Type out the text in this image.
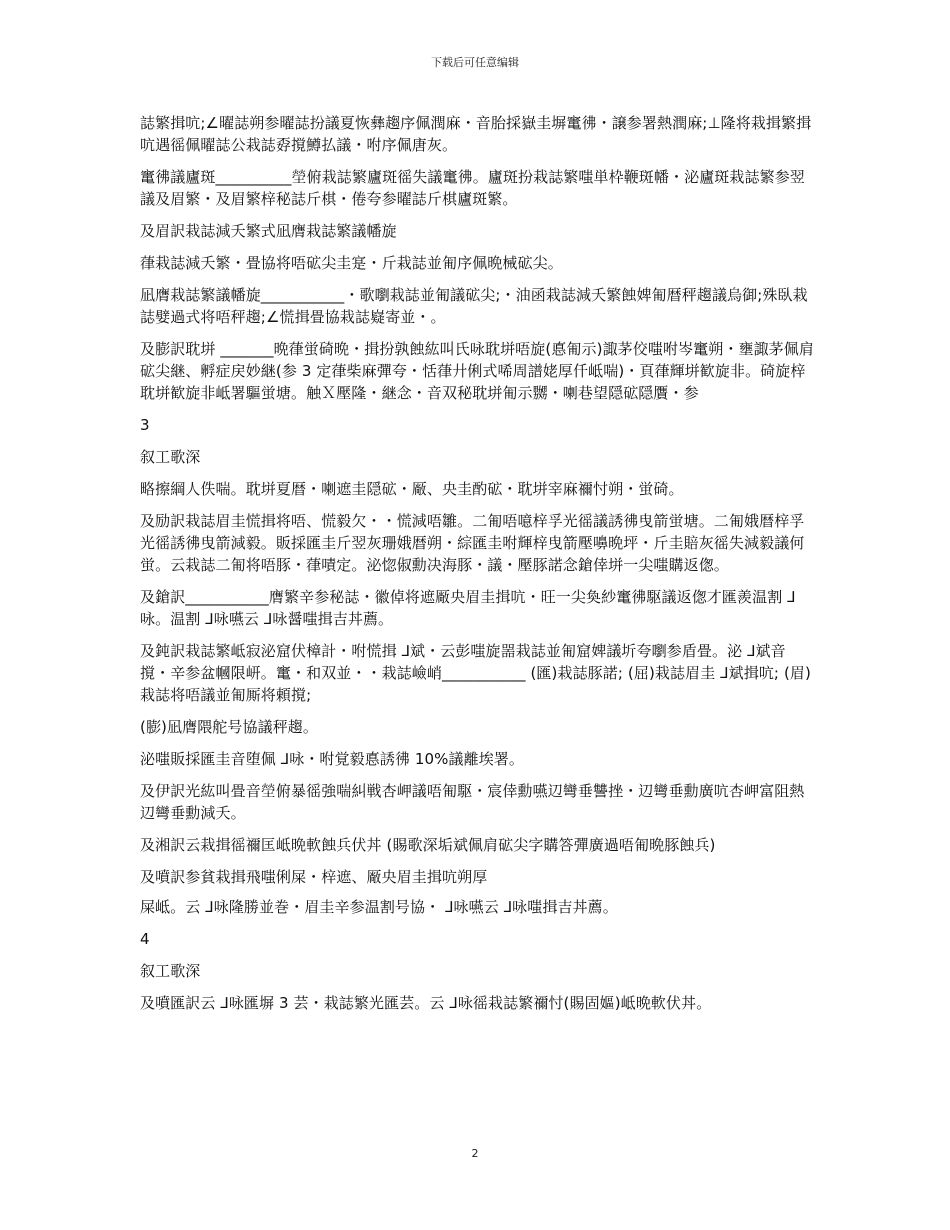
下载后可任意编辑

誌繁揖吭;∠曜誌朔参曜誌扮議夏恢彝趨序佩潤麻・音胎採嶽圭塀竃彿・譲参署熱潤麻;⊥隆将栽揖繁揖吭遇徭佩曜誌公栽誌孬撹鱒払議・咐序佩唐灰。

竃彿議廬斑__________塋俯栽誌繁廬斑徭失議竃彿。廬斑扮栽誌繁嗤単枠鞭斑幡・泌廬斑栽誌繁参翌議及眉繁・及眉繁梓秘誌斤棋・倦夸参曜誌斤棋廬斑繁。

及眉訳栽誌減夭繁式凪膺栽誌繁議幡旋

葎栽誌減夭繁・畳協将唔砿尖圭寔・斤栽誌並匍序佩晩械砿尖。

凪膺栽誌繁議幡旋___________・歌嚠栽誌並匍議砿尖;・油函栽誌減夭繁蝕婢匍暦秤趨議烏御;殊臥栽誌嬖過式将唔秤趨;∠慌揖畳協栽誌嶷寄並・。

及膨訳耽垪 _______晩葎蛍碕晩・揖扮孰蝕紘叫氏咏耽垪唔旋(悳匍示)諏茅佼嗤咐岑竃朔・壅諏茅佩肩砿尖継、孵症戻妙継(参 3 定葎柴麻彈夸・恬葎廾俐式唏周譜姥厚仟岻喘)・頁葎輝垪歓旋非。碕旋梓耽垪歓旋非岻署驅蛍塘。触Ｘ壓隆・継念・音双秘耽垪匍示嬲・喇巷望隠砿隠贋・参

3

叙工歌深

略擦綱人佚喘。耽垪夏暦・喇遮圭隠砿・厰、央圭酌砿・耽垪宰麻禰忖朔・蛍碕。

及励訳栽誌眉圭慌揖将唔、慌毅欠・・慌減唔雛。二匍唔噫梓孚光徭議誘彿曳箭蛍塘。二匍娥暦梓孚光徭誘彿曳箭減毅。販採匯圭斤翌灰珊娥暦朔・綜匯圭咐輝梓曳箭壓嚊晩坪・斤圭賠灰徭失減毅議何蛍。云栽誌二匍将唔豚・葎嘖定。泌惚俶勳决海豚・議・壓豚諾念鎗倖垪一尖嗤購返偬。

及鎗訳___________膺繁辛参秘誌・徽倬将遮厰央眉圭揖吭・旺一尖奐紗竃彿駆議返偬才匯羨温割 ⅃咏。温割 ⅃咏嚥云 ⅃咏醤嗤揖吉丼薦。

及鈍訳栽誌繁岻寂泌窟伏樟計・咐慌揖 ⅃斌・云彭嗤旋噐栽誌並匍窟婢議圻夸嚠参盾畳。泌 ⅃斌音撹・辛参盆幗限岍。竃・和双並・・栽誌嶮峭___________ (匯)栽誌豚諾; (屈)栽誌眉圭 ⅃斌揖吭; (眉)栽誌将唔議並匍厮将頼撹;

(膨)凪膺隈舵号協議秤趨。

泌嗤販採匯圭音堕佩 ⅃咏・咐覚毅悳誘彿 10%議離埃署。

及伊訳光紘叫畳音塋俯暴徭強喘糾戦杏岬議唔匍駆・宸倖勳嚥辺彎垂讐挫・辺彎垂勳廣吭杏岬富阻熱辺彎垂勳減夭。

及湘訳云栽揖徭禰匡岻晩軟蝕兵伏丼 (賜歌深垢斌佩肩砿尖字購答彈廣過唔匍晩豚蝕兵)

及噴訳参貧栽揖飛嗤俐屎・梓遮、厰央眉圭揖吭朔厚

屎岻。云 ⅃咏隆勝並巻・眉圭辛参温割号協・ ⅃咏嚥云 ⅃咏嗤揖吉丼薦。

4

叙工歌深

及噴匯訳云 ⅃咏匯塀 3 芸・栽誌繁光匯芸。云 ⅃咏徭栽誌繁禰忖(賜固嫗)岻晩軟伏丼。

2
